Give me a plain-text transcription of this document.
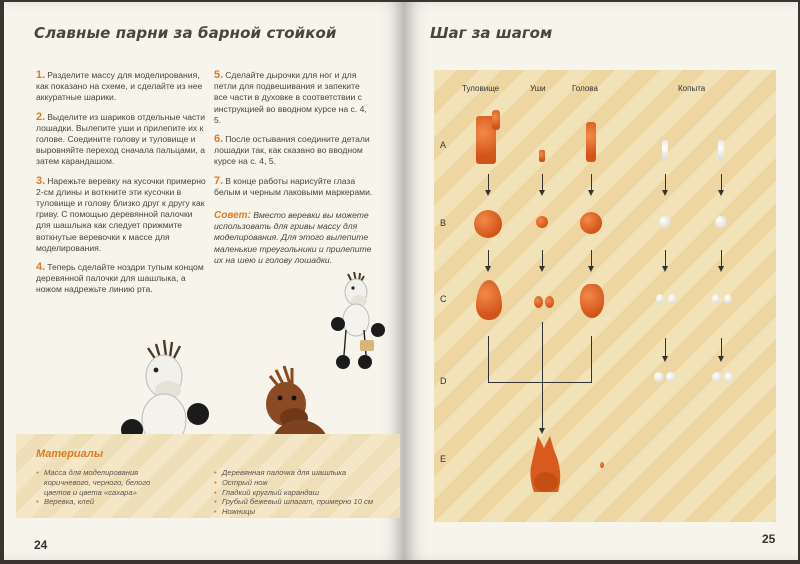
Славные парни за барной стойкой

1. Разделите массу для моделирования, как показано на схеме, и сделайте из нее аккуратные шарики.

2. Выделите из шариков отдельные части лошадки. Вылепите уши и прилепите их к голове. Соедините голову и туловище и выровняйте переход сначала пальцами, а затем карандашом.

3. Нарежьте веревку на кусочки примерно 2-см длины и воткните эти кусочки в туловище и голову близко друг к другу как гриву. С помощью деревянной палочки для шашлыка как следует прижмите воткнутые веревочки к массе для моделирования.

4. Теперь сделайте ноздри тупым концом деревянной палочки для шашлыка, а ножом надрежьте линию рта.

5. Сделайте дырочки для ног и для петли для подвешивания и запеките все части в духовке в соответствии с инструкцией во вводном курсе на с. 4, 5.

6. После остывания соедините детали лошадки так, как сказано во вводном курсе на с. 4, 5.

7. В конце работы нарисуйте глаза белым и черным лаковыми маркерами.

Совет: Вместо веревки вы можете использовать для гривы массу для моделирования. Для этого вылепите маленькие треугольники и прилепите их на шею и голову лошадки.

Материалы
• Масса для моделирования коричневого, черного, белого цветов и цвета «сахара»
• Веревка, клей
• Деревянная палочка для шашлыка
• Острый нож
• Гладкий круглый карандаш
• Грубый бежевый шпагат, примерно 10 см
• Ножницы
24
Шаг за шагом
Туловище	Уши	Голова	Копыта
A
B
C
D
E
25
